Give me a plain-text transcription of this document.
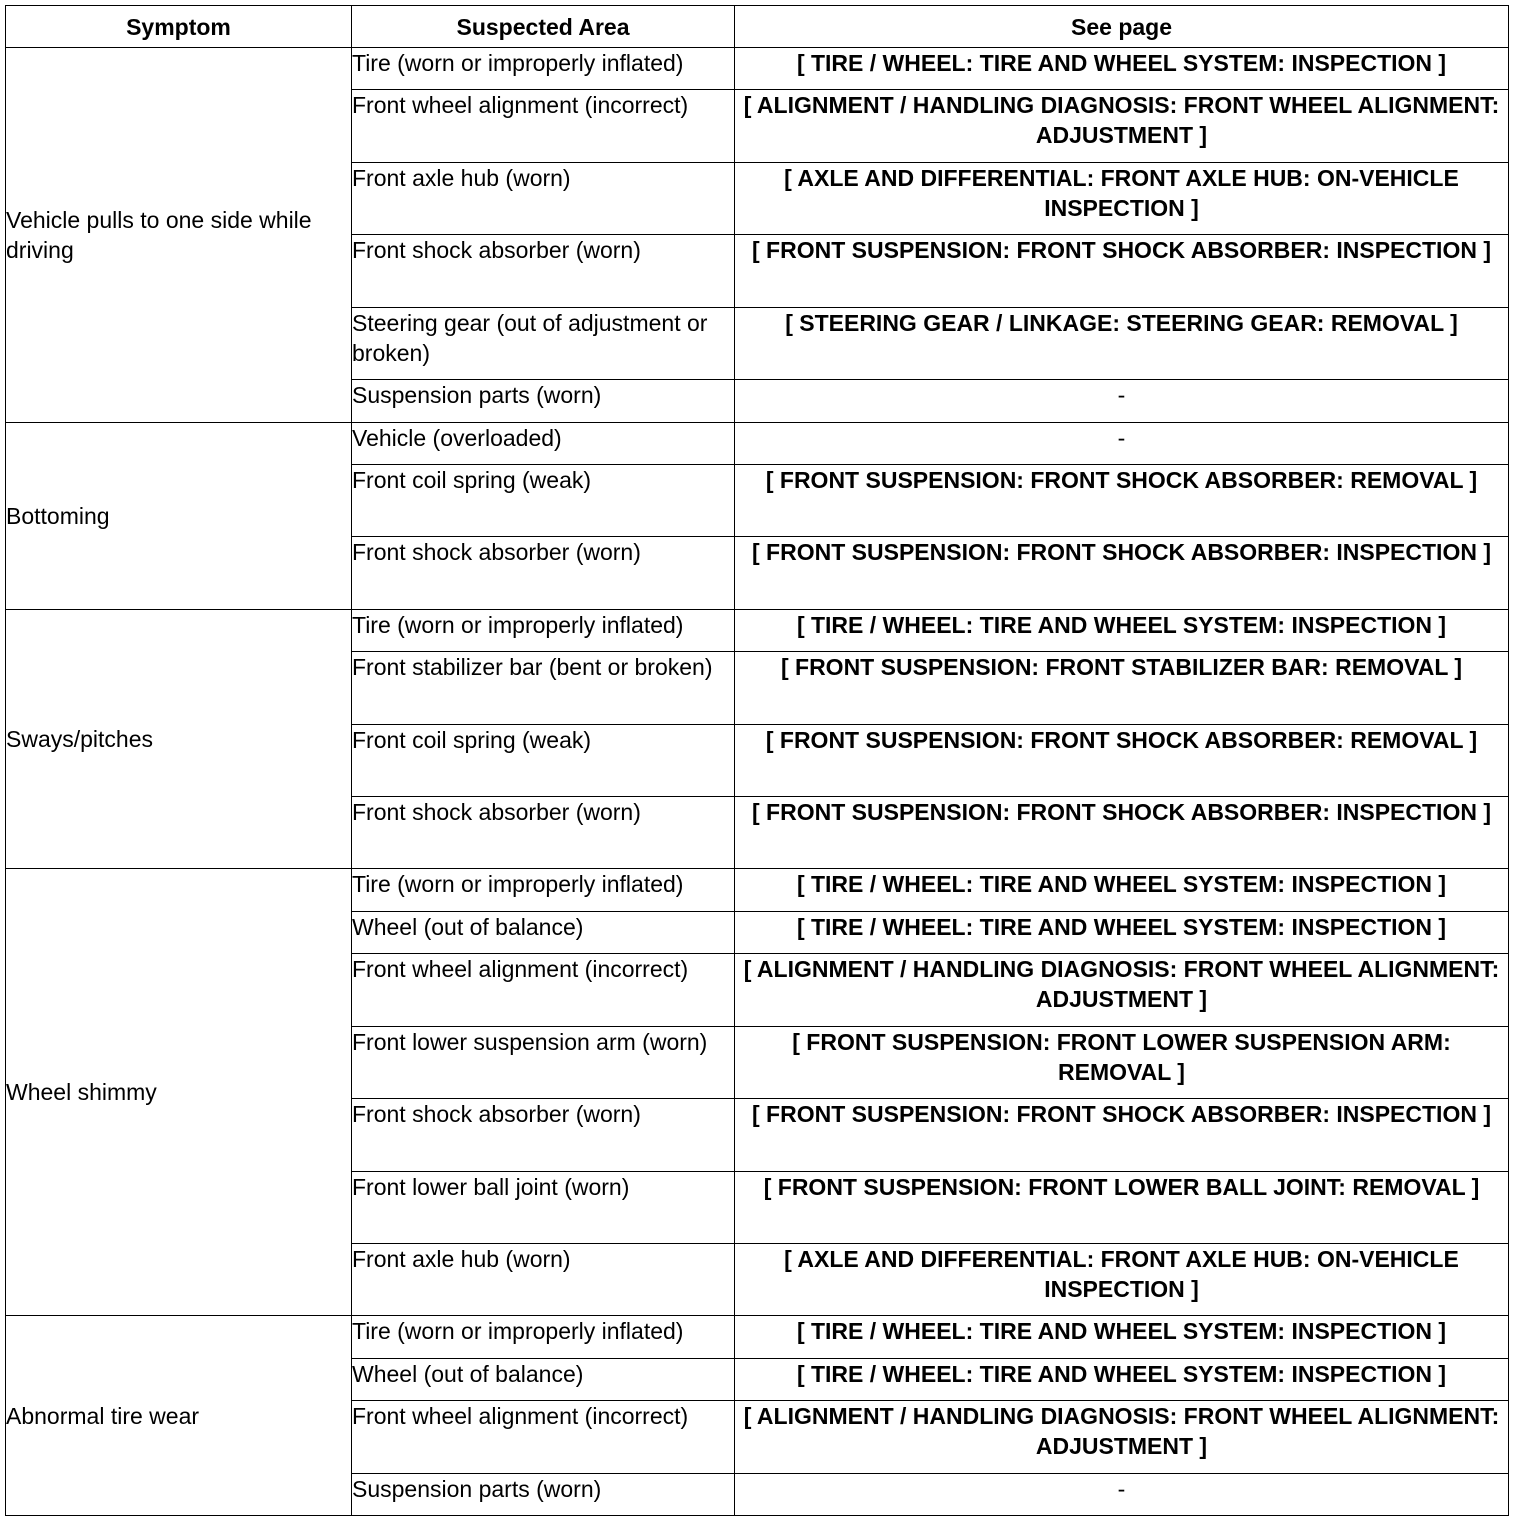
Symptom	Suspected Area	See page
Vehicle pulls to one side while driving	Tire (worn or improperly inflated)	[ TIRE / WHEEL: TIRE AND WHEEL SYSTEM: INSPECTION ]
	Front wheel alignment (incorrect)	[ ALIGNMENT / HANDLING DIAGNOSIS: FRONT WHEEL ALIGNMENT: ADJUSTMENT ]
	Front axle hub (worn)	[ AXLE AND DIFFERENTIAL: FRONT AXLE HUB: ON-VEHICLE INSPECTION ]
	Front shock absorber (worn)	[ FRONT SUSPENSION: FRONT SHOCK ABSORBER: INSPECTION ]
	Steering gear (out of adjustment or broken)	[ STEERING GEAR / LINKAGE: STEERING GEAR: REMOVAL ]
	Suspension parts (worn)	-
Bottoming	Vehicle (overloaded)	-
	Front coil spring (weak)	[ FRONT SUSPENSION: FRONT SHOCK ABSORBER: REMOVAL ]
	Front shock absorber (worn)	[ FRONT SUSPENSION: FRONT SHOCK ABSORBER: INSPECTION ]
Sways/pitches	Tire (worn or improperly inflated)	[ TIRE / WHEEL: TIRE AND WHEEL SYSTEM: INSPECTION ]
	Front stabilizer bar (bent or broken)	[ FRONT SUSPENSION: FRONT STABILIZER BAR: REMOVAL ]
	Front coil spring (weak)	[ FRONT SUSPENSION: FRONT SHOCK ABSORBER: REMOVAL ]
	Front shock absorber (worn)	[ FRONT SUSPENSION: FRONT SHOCK ABSORBER: INSPECTION ]
Wheel shimmy	Tire (worn or improperly inflated)	[ TIRE / WHEEL: TIRE AND WHEEL SYSTEM: INSPECTION ]
	Wheel (out of balance)	[ TIRE / WHEEL: TIRE AND WHEEL SYSTEM: INSPECTION ]
	Front wheel alignment (incorrect)	[ ALIGNMENT / HANDLING DIAGNOSIS: FRONT WHEEL ALIGNMENT: ADJUSTMENT ]
	Front lower suspension arm (worn)	[ FRONT SUSPENSION: FRONT LOWER SUSPENSION ARM: REMOVAL ]
	Front shock absorber (worn)	[ FRONT SUSPENSION: FRONT SHOCK ABSORBER: INSPECTION ]
	Front lower ball joint (worn)	[ FRONT SUSPENSION: FRONT LOWER BALL JOINT: REMOVAL ]
	Front axle hub (worn)	[ AXLE AND DIFFERENTIAL: FRONT AXLE HUB: ON-VEHICLE INSPECTION ]
Abnormal tire wear	Tire (worn or improperly inflated)	[ TIRE / WHEEL: TIRE AND WHEEL SYSTEM: INSPECTION ]
	Wheel (out of balance)	[ TIRE / WHEEL: TIRE AND WHEEL SYSTEM: INSPECTION ]
	Front wheel alignment (incorrect)	[ ALIGNMENT / HANDLING DIAGNOSIS: FRONT WHEEL ALIGNMENT: ADJUSTMENT ]
	Suspension parts (worn)	-
